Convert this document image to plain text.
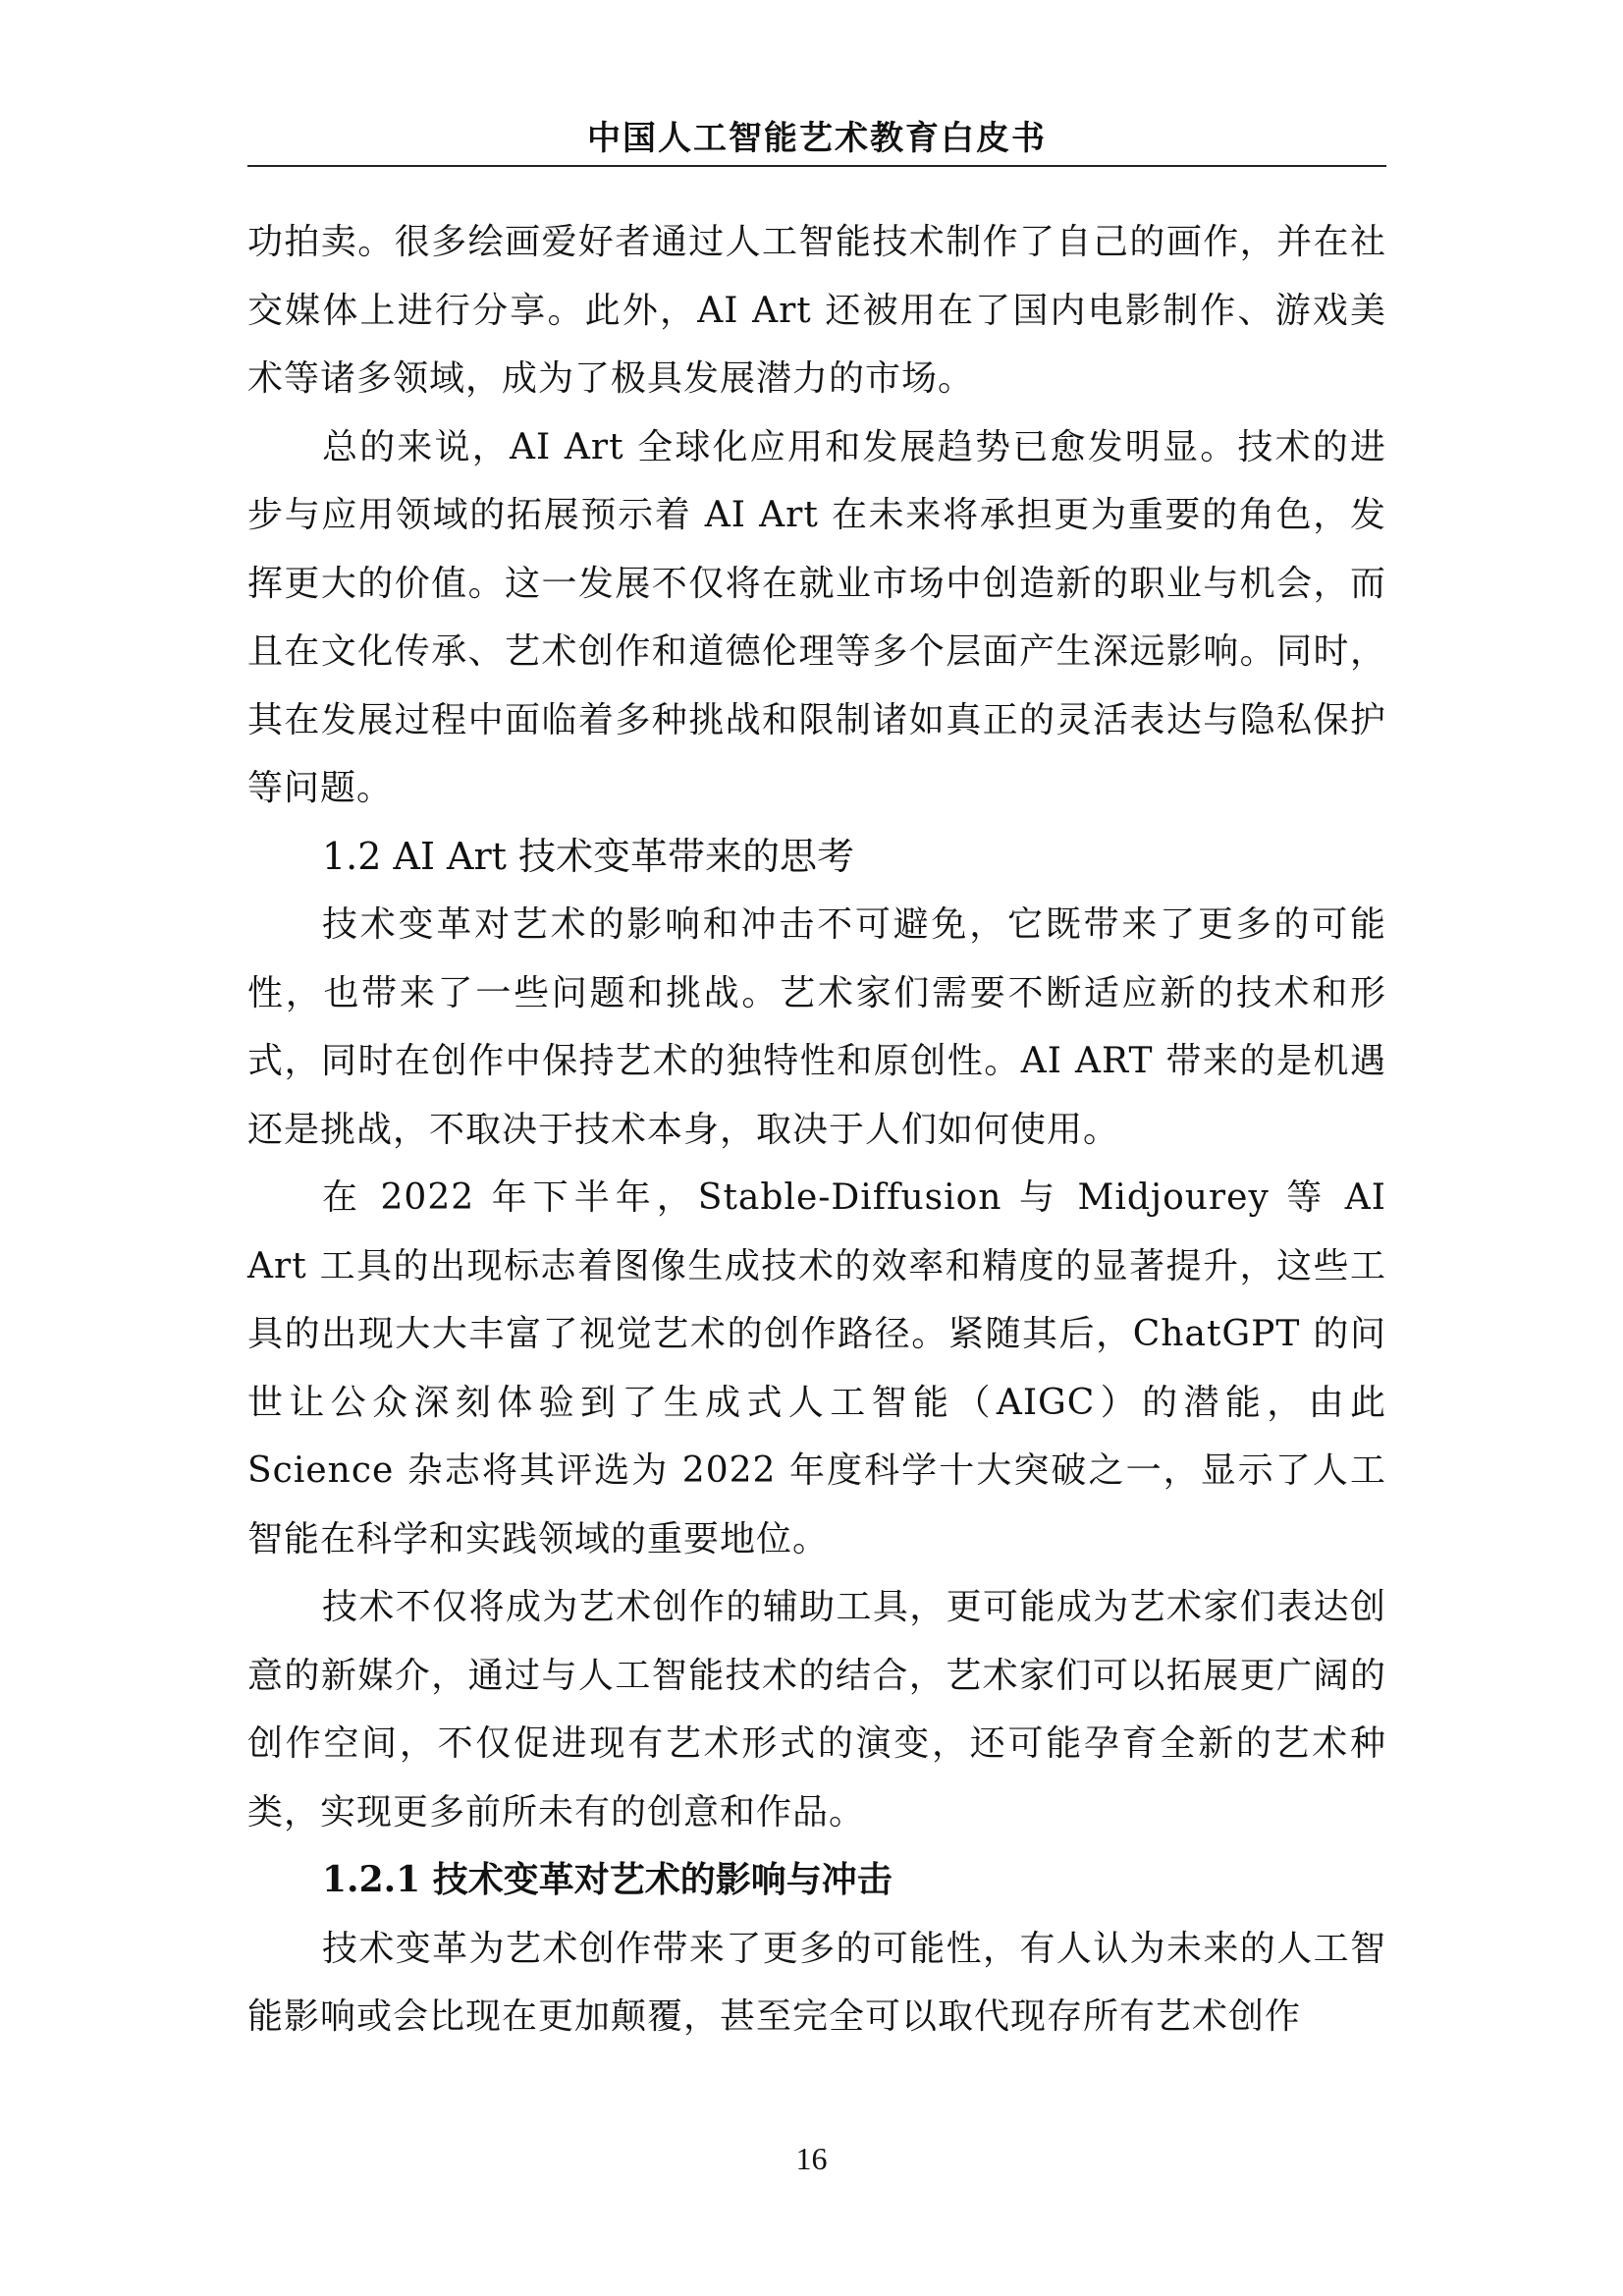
中国人工智能艺术教育白皮书

功拍卖。很多绘画爱好者通过人工智能技术制作了自己的画作，并在社交媒体上进行分享。此外，AI Art 还被用在了国内电影制作、游戏美术等诸多领域，成为了极具发展潜力的市场。

总的来说，AI Art 全球化应用和发展趋势已愈发明显。技术的进步与应用领域的拓展预示着 AI Art 在未来将承担更为重要的角色，发挥更大的价值。这一发展不仅将在就业市场中创造新的职业与机会，而且在文化传承、艺术创作和道德伦理等多个层面产生深远影响。同时，其在发展过程中面临着多种挑战和限制诸如真正的灵活表达与隐私保护等问题。

1.2 AI Art 技术变革带来的思考

技术变革对艺术的影响和冲击不可避免，它既带来了更多的可能性，也带来了一些问题和挑战。艺术家们需要不断适应新的技术和形式，同时在创作中保持艺术的独特性和原创性。AI ART 带来的是机遇还是挑战，不取决于技术本身，取决于人们如何使用。

在 2022 年下半年，Stable-Diffusion 与 Midjourey 等 AI Art 工具的出现标志着图像生成技术的效率和精度的显著提升，这些工具的出现大大丰富了视觉艺术的创作路径。紧随其后，ChatGPT 的问世让公众深刻体验到了生成式人工智能（AIGC）的潜能，由此 Science 杂志将其评选为 2022 年度科学十大突破之一，显示了人工智能在科学和实践领域的重要地位。

技术不仅将成为艺术创作的辅助工具，更可能成为艺术家们表达创意的新媒介，通过与人工智能技术的结合，艺术家们可以拓展更广阔的创作空间，不仅促进现有艺术形式的演变，还可能孕育全新的艺术种类，实现更多前所未有的创意和作品。

1.2.1 技术变革对艺术的影响与冲击

技术变革为艺术创作带来了更多的可能性，有人认为未来的人工智能影响或会比现在更加颠覆，甚至完全可以取代现存所有艺术创作

16
